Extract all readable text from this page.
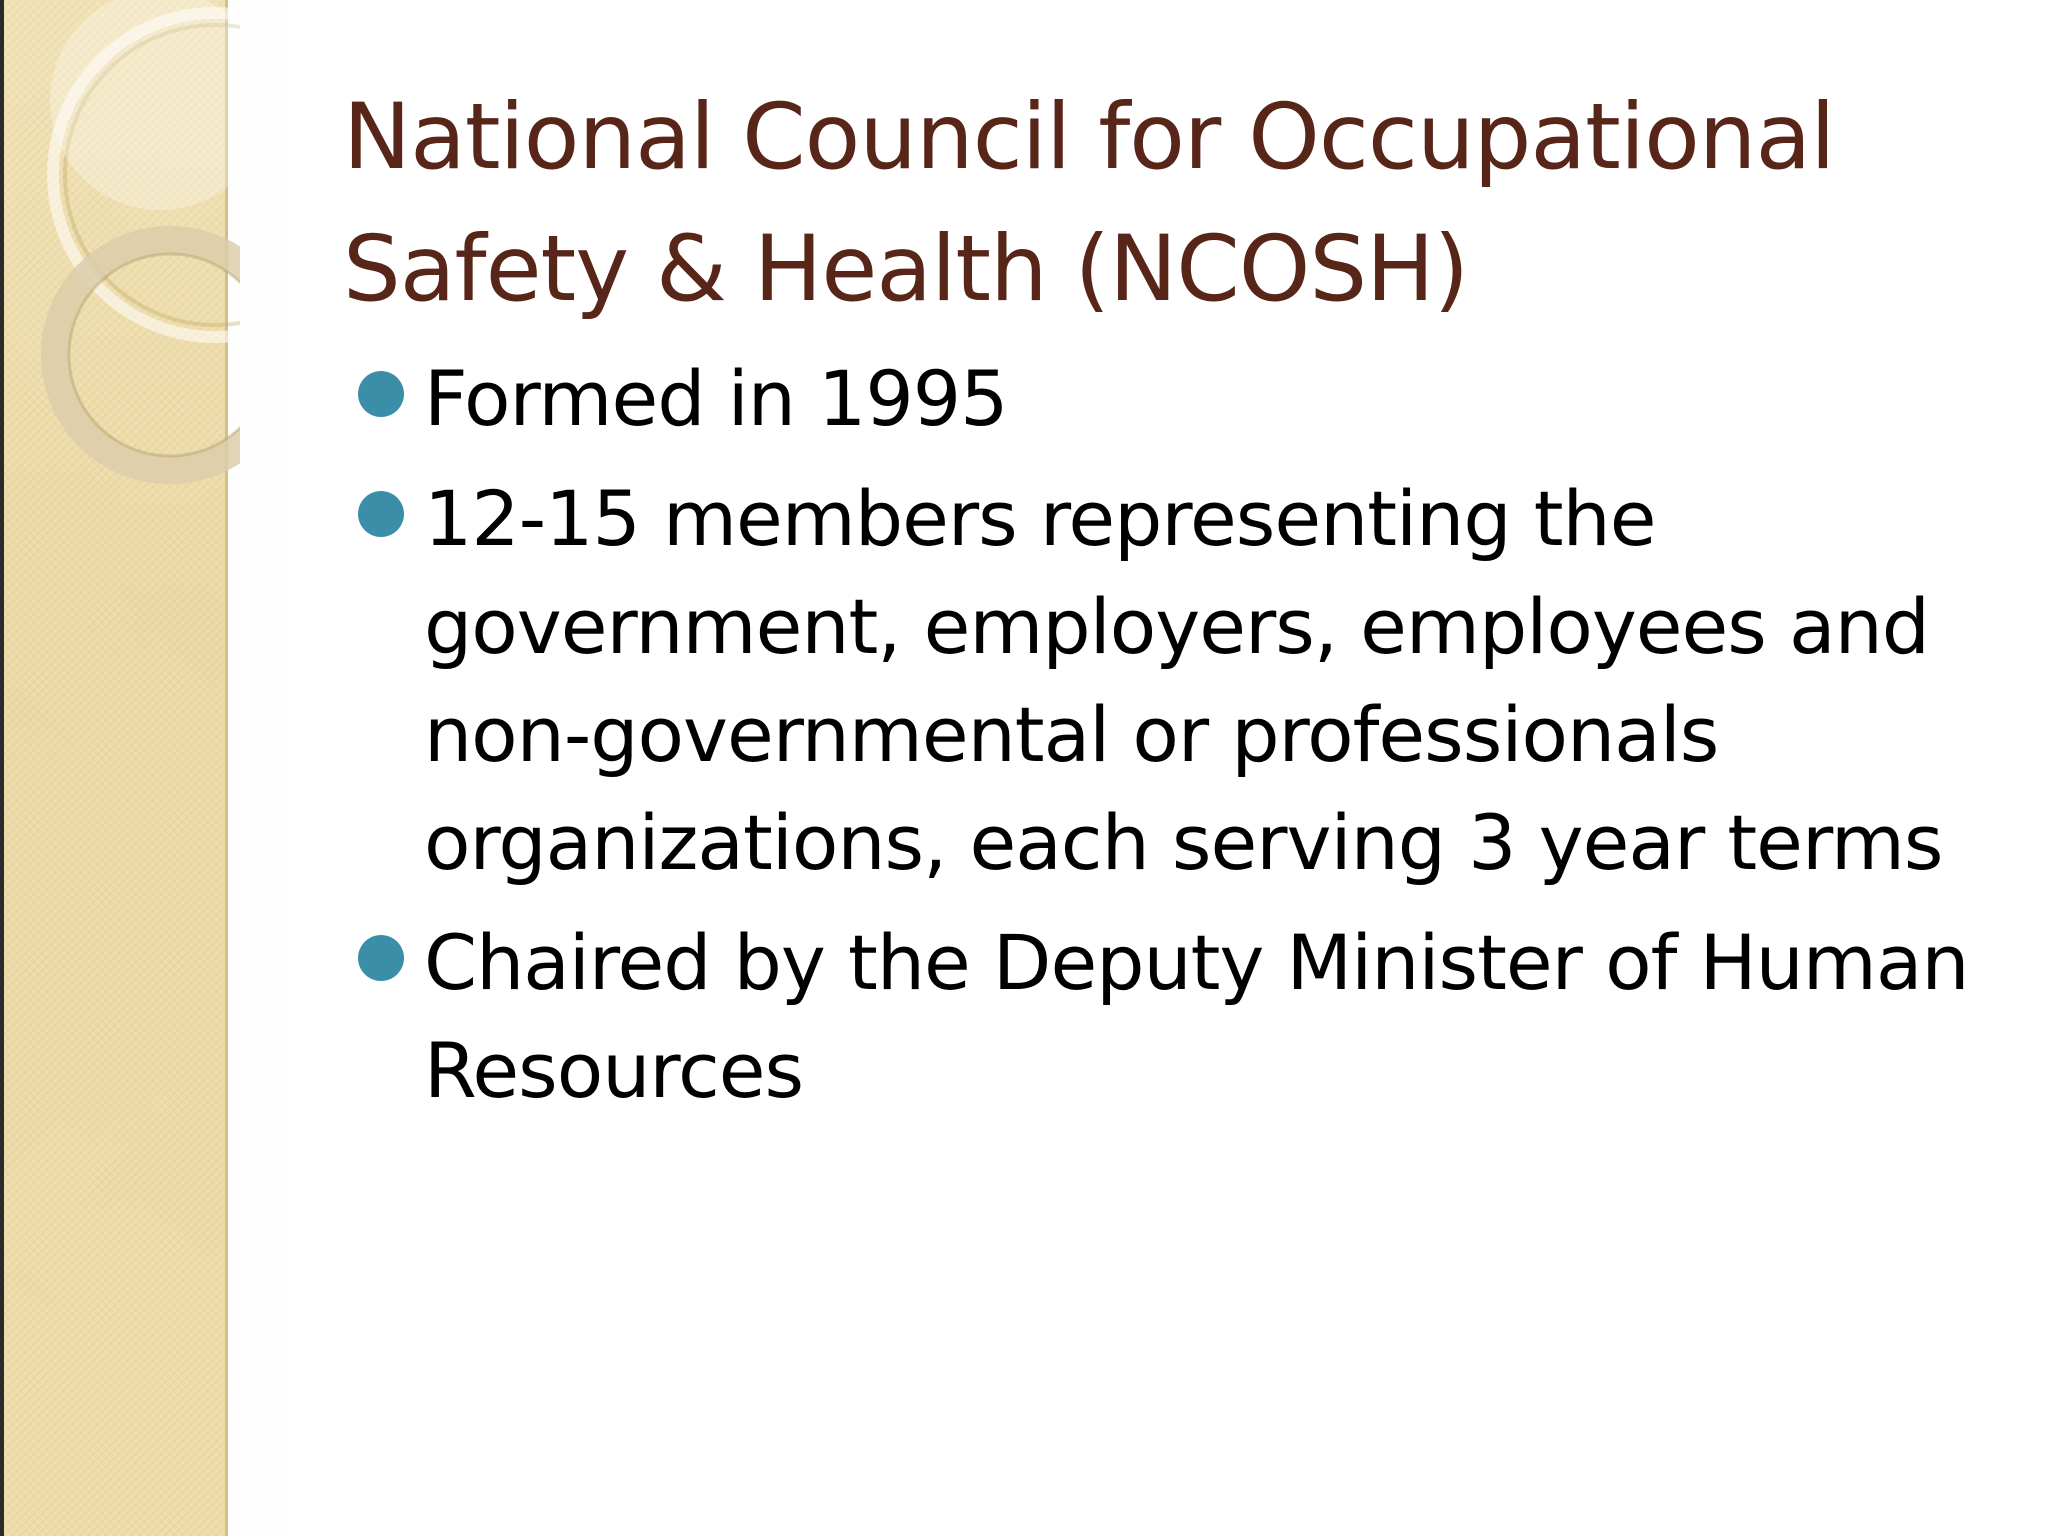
National Council for Occupational Safety & Health (NCOSH)
Formed in 1995
12-15 members representing the government, employers, employees and non-governmental or professionals organizations, each serving 3 year terms
Chaired by the Deputy Minister of Human Resources
